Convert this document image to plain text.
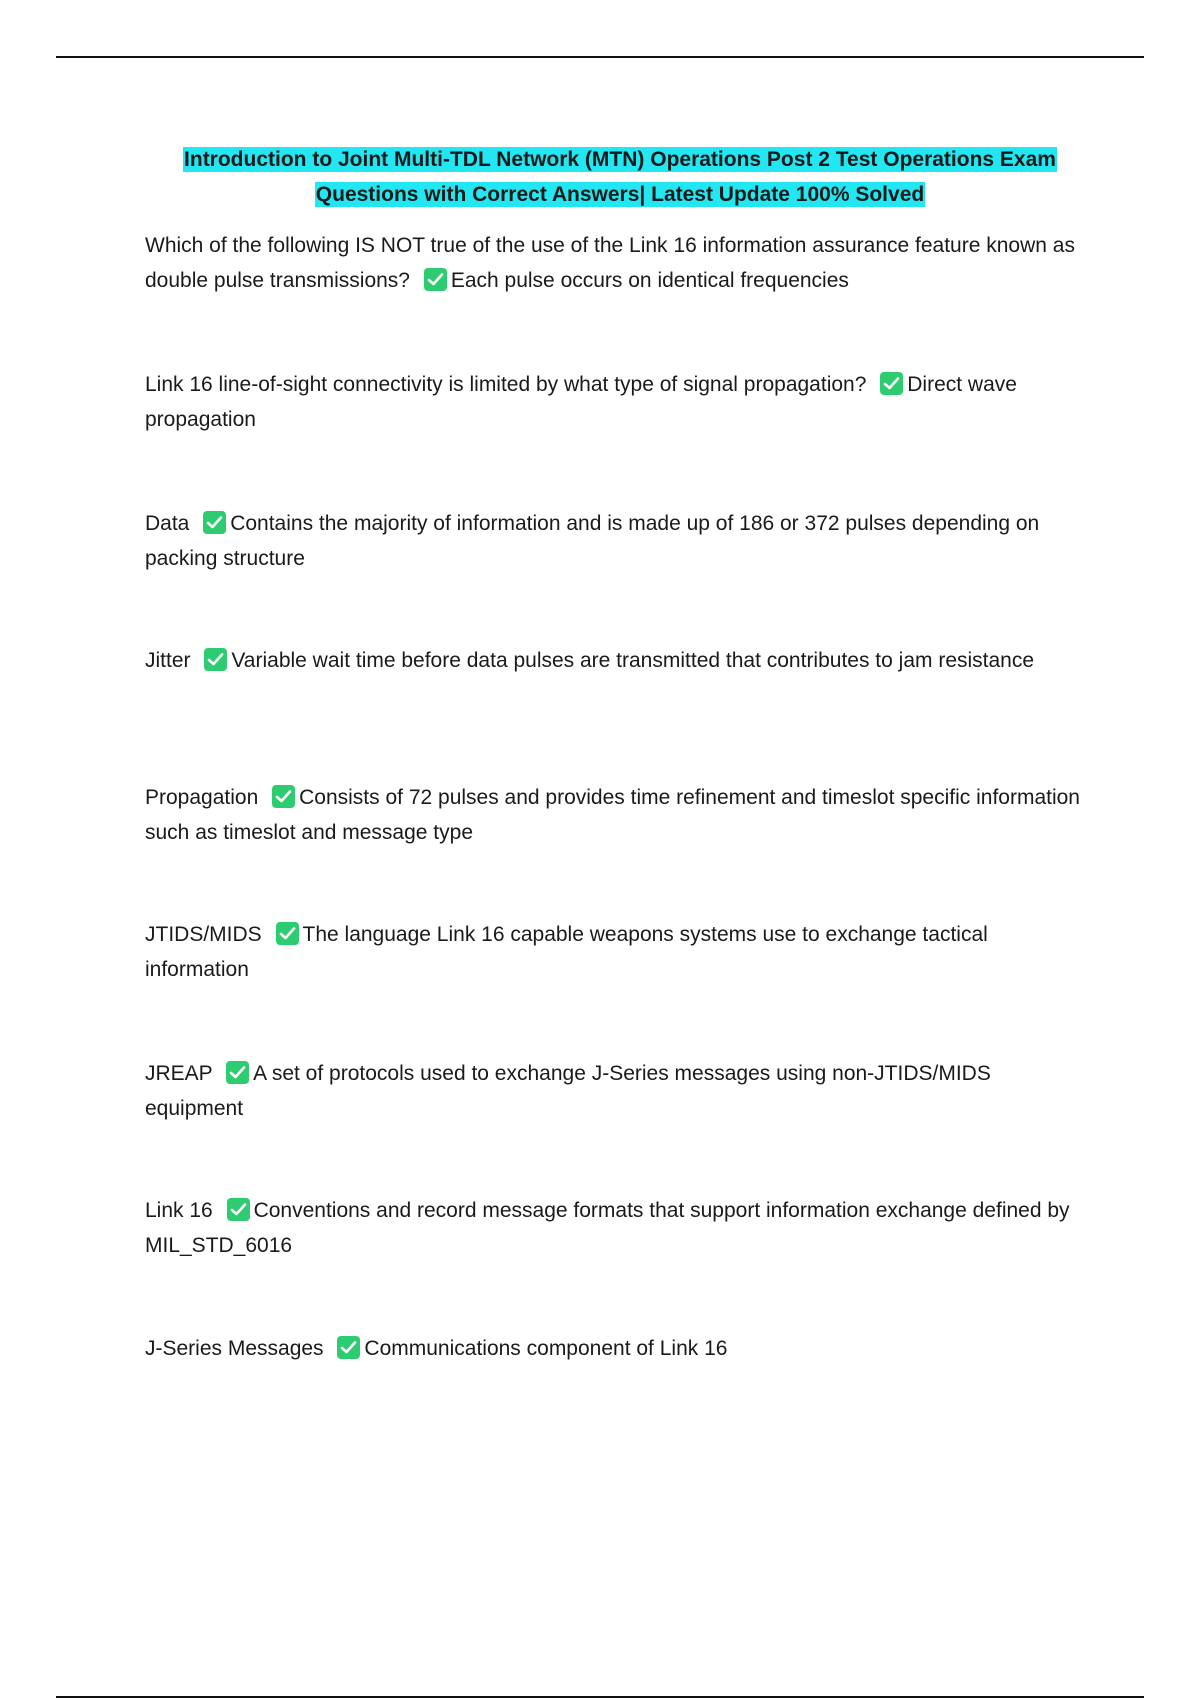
Introduction to Joint Multi-TDL Network (MTN) Operations Post 2 Test Operations Exam
Questions with Correct Answers| Latest Update 100% Solved
Which of the following IS NOT true of the use of the Link 16 information assurance feature known as double pulse transmissions? Each pulse occurs on identical frequencies
Link 16 line-of-sight connectivity is limited by what type of signal propagation? Direct wave propagation
Data Contains the majority of information and is made up of 186 or 372 pulses depending on packing structure
Jitter Variable wait time before data pulses are transmitted that contributes to jam resistance
Propagation Consists of 72 pulses and provides time refinement and timeslot specific information such as timeslot and message type
JTIDS/MIDS The language Link 16 capable weapons systems use to exchange tactical information
JREAP A set of protocols used to exchange J-Series messages using non-JTIDS/MIDS equipment
Link 16 Conventions and record message formats that support information exchange defined by MIL_STD_6016
J-Series Messages Communications component of Link 16
